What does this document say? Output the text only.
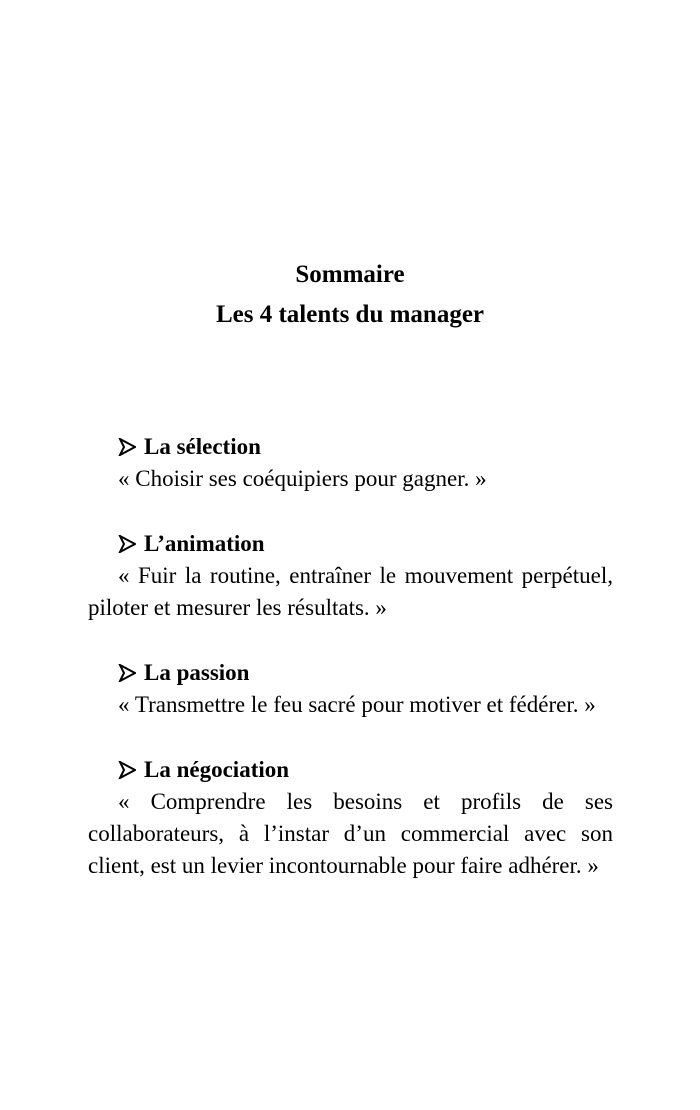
Sommaire
Les 4 talents du manager
La sélection

« Choisir ses coéquipiers pour gagner. »

L’animation

« Fuir la routine, entraîner le mouvement perpétuel, piloter et mesurer les résultats. »

La passion

« Transmettre le feu sacré pour motiver et fédérer. »

La négociation

« Comprendre les besoins et profils de ses collaborateurs, à l’instar d’un commercial avec son client, est un levier incontournable pour faire adhérer. »
